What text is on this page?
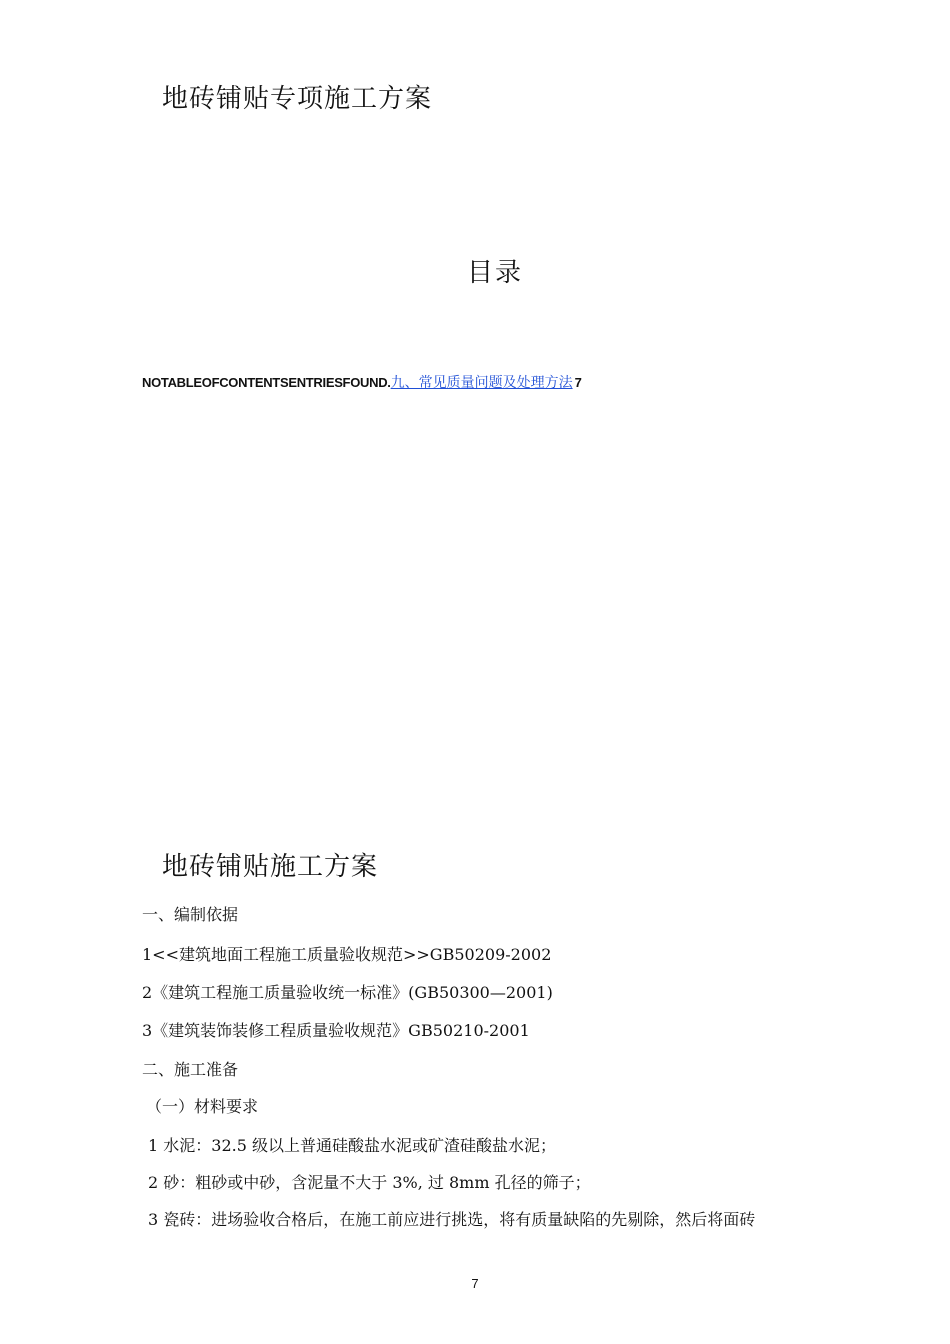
地砖铺贴专项施工方案
目录
NOTABLEOFCONTENTSENTRIESFOUND.九、常见质量问题及处理方法 7
地砖铺贴施工方案
一、编制依据
1<<建筑地面工程施工质量验收规范>>GB50209-2002
2《建筑工程施工质量验收统一标准》(GB50300—2001)
3《建筑装饰装修工程质量验收规范》GB50210-2001
二、施工准备
（一）材料要求
1 水泥：32.5 级以上普通硅酸盐水泥或矿渣硅酸盐水泥；
2 砂：粗砂或中砂，含泥量不大于 3%, 过 8mm 孔径的筛子；
3 瓷砖：进场验收合格后，在施工前应进行挑选，将有质量缺陷的先剔除，然后将面砖
7
